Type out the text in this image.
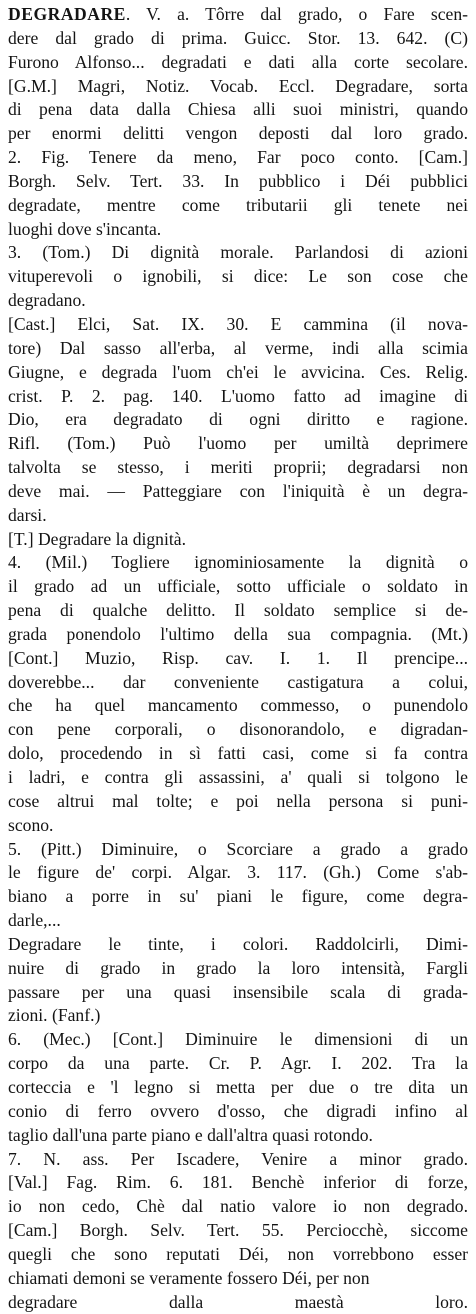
DEGRADARE. V. a. Tôrre dal grado, o Fare scen-
dere dal grado di prima. Guicc. Stor. 13. 642. (C)
Furono Alfonso... degradati e dati alla corte secolare.
[G.M.] Magri, Notiz. Vocab. Eccl. Degradare, sorta
di pena data dalla Chiesa alli suoi ministri, quando
per enormi delitti vengon deposti dal loro grado.
2. Fig. Tenere da meno, Far poco conto. [Cam.]
Borgh. Selv. Tert. 33. In pubblico i Déi pubblici
degradate, mentre come tributarii gli tenete nei
luoghi dove s'incanta.
3. (Tom.) Di dignità morale. Parlandosi di azioni
vituperevoli o ignobili, si dice: Le son cose che
degradano.
[Cast.] Elci, Sat. IX. 30. E cammina (il nova-
tore) Dal sasso all'erba, al verme, indi alla scimia
Giugne, e degrada l'uom ch'ei le avvicina. Ces. Relig.
crist. P. 2. pag. 140. L'uomo fatto ad imagine di
Dio, era degradato di ogni diritto e ragione.
Rifl. (Tom.) Può l'uomo per umiltà deprimere
talvolta se stesso, i meriti proprii; degradarsi non
deve mai. — Patteggiare con l'iniquità è un degra-
darsi.
[T.] Degradare la dignità.
4. (Mil.) Togliere ignominiosamente la dignità o
il grado ad un ufficiale, sotto ufficiale o soldato in
pena di qualche delitto. Il soldato semplice si de-
grada ponendolo l'ultimo della sua compagnia. (Mt.)
[Cont.] Muzio, Risp. cav. I. 1. Il prencipe...
doverebbe... dar conveniente castigatura a colui,
che ha quel mancamento commesso, o punendolo
con pene corporali, o disonorandolo, e digradan-
dolo, procedendo in sì fatti casi, come si fa contra
i ladri, e contra gli assassini, a' quali si tolgono le
cose altrui mal tolte; e poi nella persona si puni-
scono.
5. (Pitt.) Diminuire, o Scorciare a grado a grado
le figure de' corpi. Algar. 3. 117. (Gh.) Come s'ab-
biano a porre in su' piani le figure, come degra-
darle,...
Degradare le tinte, i colori. Raddolcirli, Dimi-
nuire di grado in grado la loro intensità, Fargli
passare per una quasi insensibile scala di grada-
zioni. (Fanf.)
6. (Mec.) [Cont.] Diminuire le dimensioni di un
corpo da una parte. Cr. P. Agr. I. 202. Tra la
corteccia e 'l legno si metta per due o tre dita un
conio di ferro ovvero d'osso, che digradi infino al
taglio dall'una parte piano e dall'altra quasi rotondo.
7. N. ass. Per Iscadere, Venire a minor grado.
[Val.] Fag. Rim. 6. 181. Benchè inferior di forze,
io non cedo, Chè dal natio valore io non degrado.
[Cam.] Borgh. Selv. Tert. 55. Perciocchè, siccome
quegli che sono reputati Déi, non vorrebbono esser
chiamati demoni se veramente fossero Déi, per non
degradare dalla maestà loro.
